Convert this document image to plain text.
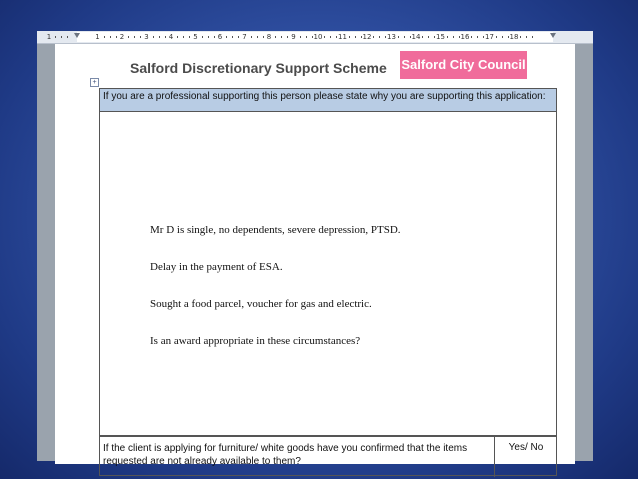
1	1	2	3	4	5	6	7	8	9	10 11 12 13 14 15 16 17 18
Salford Discretionary Support Scheme Salford City Council
+
If you are a professional supporting this person please state why you are supporting this application:
Mr D is single, no dependents, severe depression, PTSD.
Delay in the payment of ESA.
Sought a food parcel, voucher for gas and electric.
Is an award appropriate in these circumstances?
If the client is applying for furniture/ white goods have you confirmed that the items requested are not already available to them?
Yes/ No
